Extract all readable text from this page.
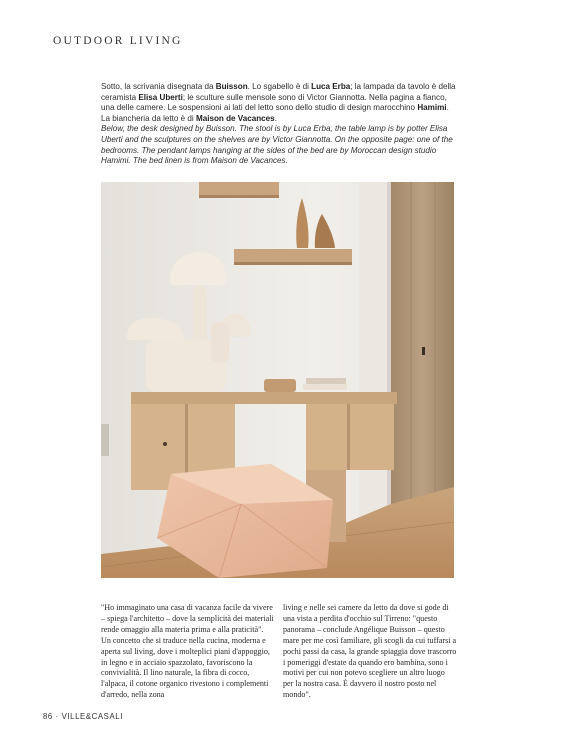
OUTDOOR LIVING

Sotto, la scrivania disegnata da Buisson. Lo sgabello è di Luca Erba; la lampada da tavolo è della ceramista Elisa Uberti; le sculture sulle mensole sono di Victor Giannotta. Nella pagina a fianco, una delle camere. Le sospensioni ai lati del letto sono dello studio di design marocchino Hamimi. La biancheria da letto è di Maison de Vacances.

Below, the desk designed by Buisson. The stool is by Luca Erba, the table lamp is by potter Elisa Uberti and the sculptures on the shelves are by Victor Giannotta. On the opposite page: one of the bedrooms. The pendant lamps hanging at the sides of the bed are by Moroccan design studio Hamimi. The bed linen is from Maison de Vacances.

"Ho immaginato una casa di vacanza facile da vivere – spiega l'architetto – dove la semplicità dei materiali rende omaggio alla materia prima e alla praticità". Un concetto che si traduce nella cucina, moderna e aperta sul living, dove i molteplici piani d'appoggio, in legno e in acciaio spazzolato, favoriscono la convivialità. Il lino naturale, la fibra di cocco, l'alpaca, il cotone organico rivestono i complementi d'arredo, nella zona
living e nelle sei camere da letto da dove si gode di una vista a perdita d'occhio sul Tirreno: "questo panorama – conclude Angélique Buisson – questo mare per me così familiare, gli scogli da cui tuffarsi a pochi passi da casa, la grande spiaggia dove trascorro i pomeriggi d'estate da quando ero bambina, sono i motivi per cui non potevo scegliere un altro luogo per la nostra casa. È davvero il nostro posto nel mondo".
86 · VILLE&CASALI
